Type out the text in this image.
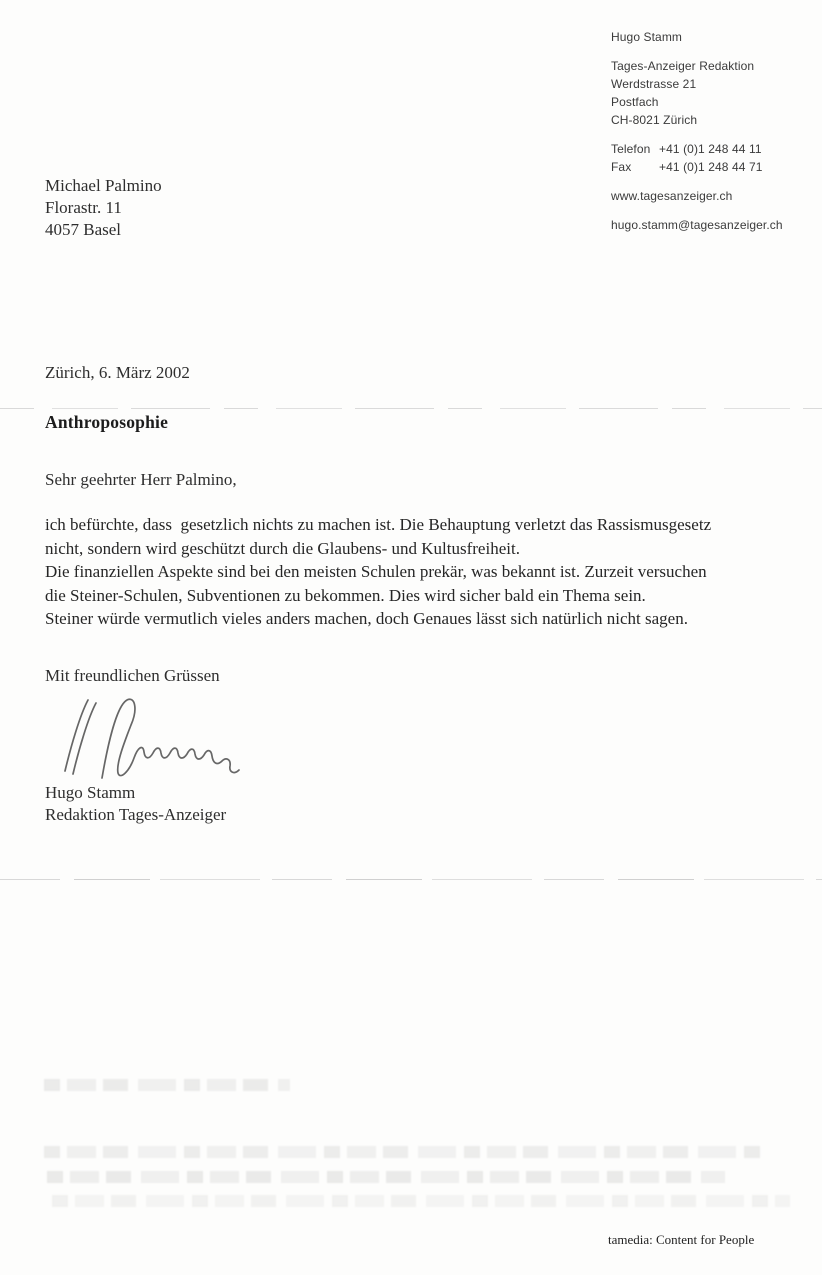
Hugo Stamm
Tages-Anzeiger Redaktion
Werdstrasse 21
Postfach
CH-8021 Zürich
Telefon +41 (0)1 248 44 11
Fax	+41 (0)1 248 44 71
www.tagesanzeiger.ch
hugo.stamm@tagesanzeiger.ch
Michael Palmino
Florastr. 11
4057 Basel
Zürich, 6. März 2002
Anthroposophie
Sehr geehrter Herr Palmino,
ich befürchte, dass  gesetzlich nichts zu machen ist. Die Behauptung verletzt das Rassismusgesetz
nicht, sondern wird geschützt durch die Glaubens- und Kultusfreiheit.
Die finanziellen Aspekte sind bei den meisten Schulen prekär, was bekannt ist. Zurzeit versuchen
die Steiner-Schulen, Subventionen zu bekommen. Dies wird sicher bald ein Thema sein.
Steiner würde vermutlich vieles anders machen, doch Genaues lässt sich natürlich nicht sagen.
Mit freundlichen Grüssen
Hugo Stamm
Redaktion Tages-Anzeiger
tamedia: Content for People
